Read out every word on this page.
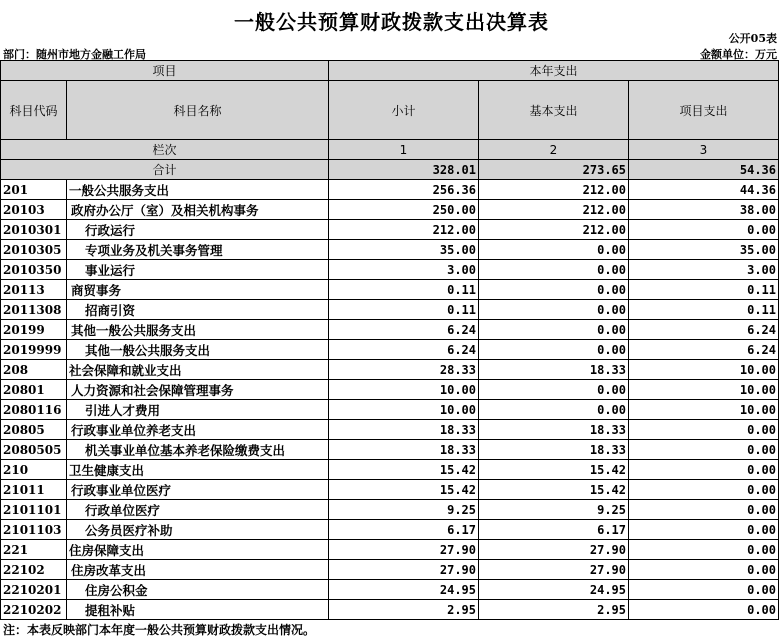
一般公共预算财政拨款支出决算表
公开05表
部门：随州市地方金融工作局	金额单位：万元
项目		本年支出		
科目代码	科目名称	小计	基本支出	项目支出
栏次		1	2	3
合计		328.01	273.65	54.36
201	一般公共服务支出	256.36	212.00	44.36
20103	政府办公厅（室）及相关机构事务	250.00	212.00	38.00
2010301	行政运行	212.00	212.00	0.00
2010305	专项业务及机关事务管理	35.00	0.00	35.00
2010350	事业运行	3.00	0.00	3.00
20113	商贸事务	0.11	0.00	0.11
2011308	招商引资	0.11	0.00	0.11
20199	其他一般公共服务支出	6.24	0.00	6.24
2019999	其他一般公共服务支出	6.24	0.00	6.24
208	社会保障和就业支出	28.33	18.33	10.00
20801	人力资源和社会保障管理事务	10.00	0.00	10.00
2080116	引进人才费用	10.00	0.00	10.00
20805	行政事业单位养老支出	18.33	18.33	0.00
2080505	机关事业单位基本养老保险缴费支出	18.33	18.33	0.00
210	卫生健康支出	15.42	15.42	0.00
21011	行政事业单位医疗	15.42	15.42	0.00
2101101	行政单位医疗	9.25	9.25	0.00
2101103	公务员医疗补助	6.17	6.17	0.00
221	住房保障支出	27.90	27.90	0.00
22102	住房改革支出	27.90	27.90	0.00
2210201	住房公积金	24.95	24.95	0.00
2210202	提租补贴	2.95	2.95	0.00
注：本表反映部门本年度一般公共预算财政拨款支出情况。
